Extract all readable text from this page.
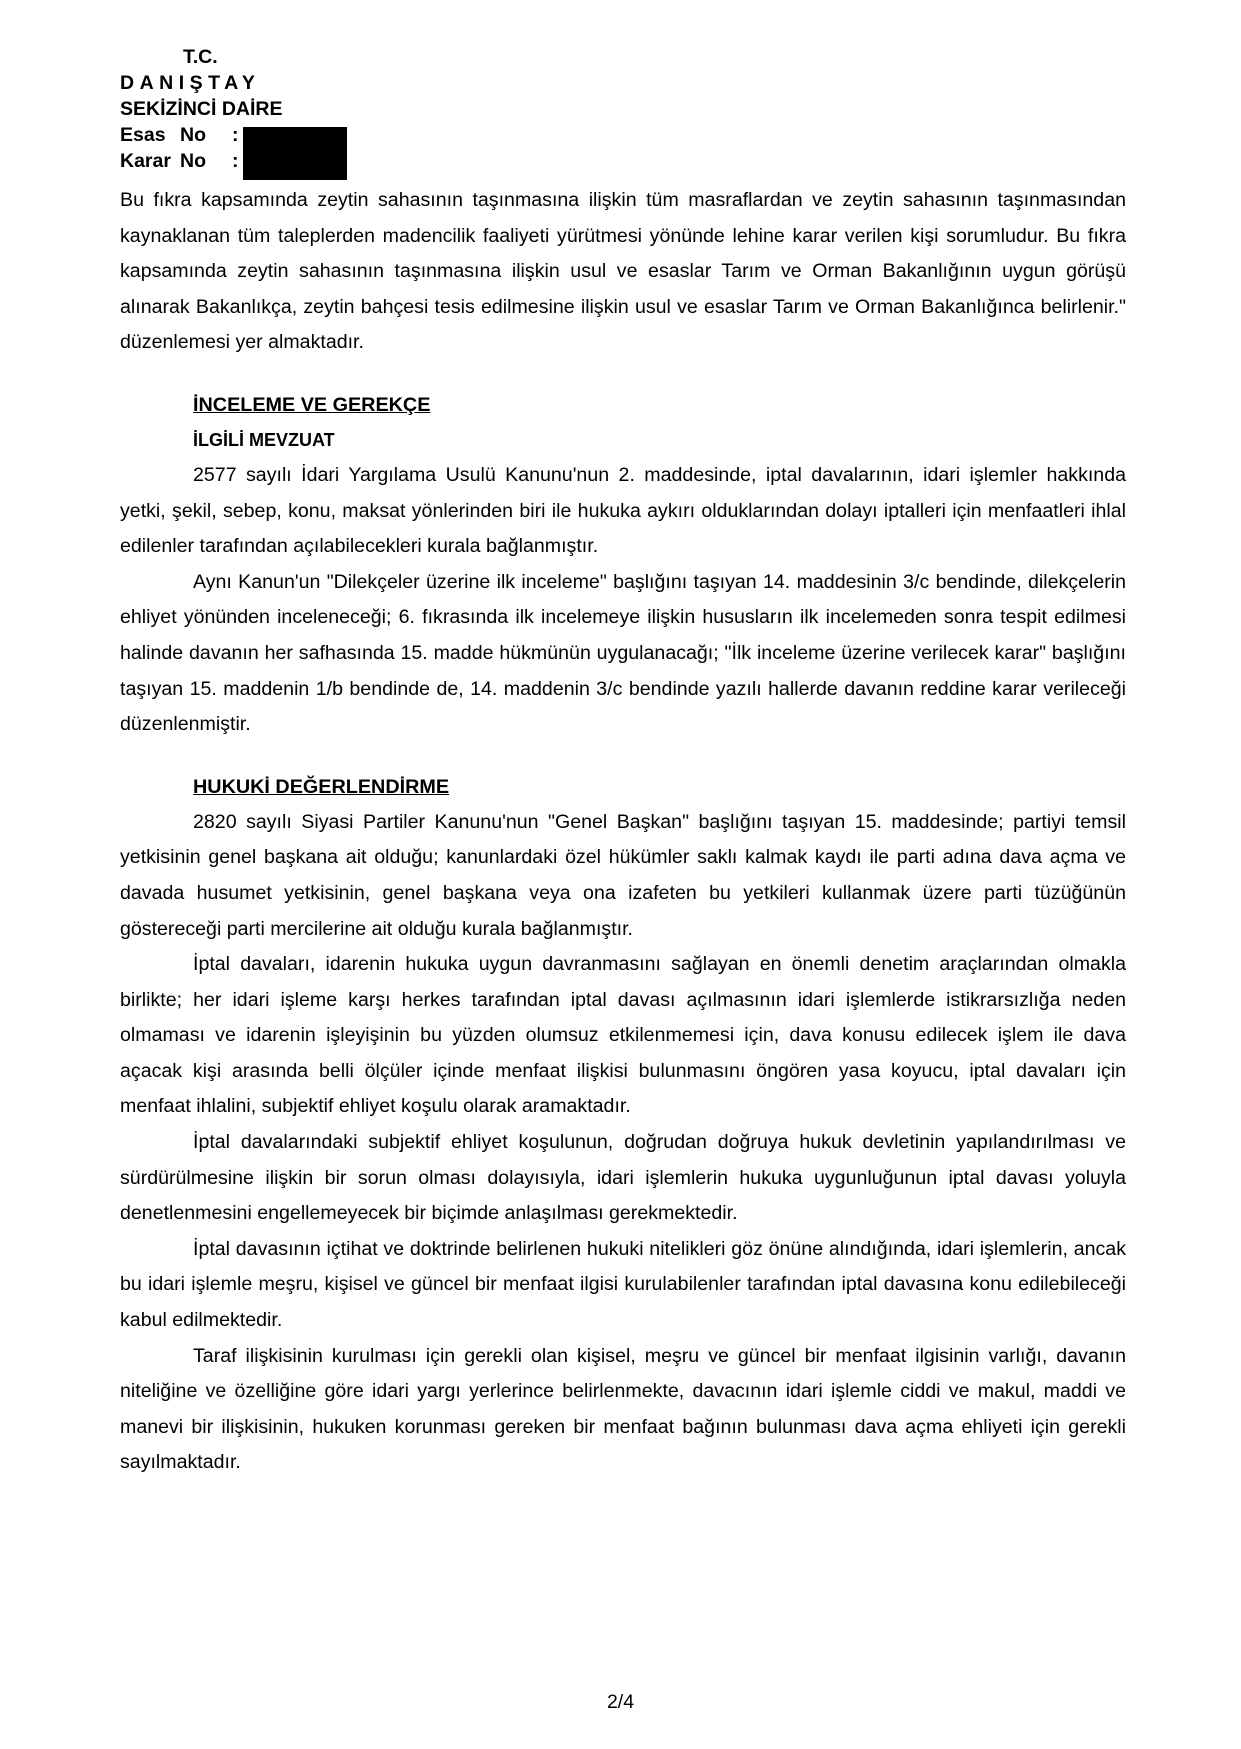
T.C.
DANIŞTAY
SEKİZİNCİ DAİRE
Esas No	:
Karar No	:

Bu fıkra kapsamında zeytin sahasının taşınmasına ilişkin tüm masraflardan ve zeytin sahasının taşınmasından kaynaklanan tüm taleplerden madencilik faaliyeti yürütmesi yönünde lehine karar verilen kişi sorumludur. Bu fıkra kapsamında zeytin sahasının taşınmasına ilişkin usul ve esaslar Tarım ve Orman Bakanlığının uygun görüşü alınarak Bakanlıkça, zeytin bahçesi tesis edilmesine ilişkin usul ve esaslar Tarım ve Orman Bakanlığınca belirlenir." düzenlemesi yer almaktadır.

İNCELEME VE GEREKÇE
İLGİLİ MEVZUAT

2577 sayılı İdari Yargılama Usulü Kanunu'nun 2. maddesinde, iptal davalarının, idari işlemler hakkında yetki, şekil, sebep, konu, maksat yönlerinden biri ile hukuka aykırı olduklarından dolayı iptalleri için menfaatleri ihlal edilenler tarafından açılabilecekleri kurala bağlanmıştır.

Aynı Kanun'un "Dilekçeler üzerine ilk inceleme" başlığını taşıyan 14. maddesinin 3/c bendinde, dilekçelerin ehliyet yönünden inceleneceği; 6. fıkrasında ilk incelemeye ilişkin hususların ilk incelemeden sonra tespit edilmesi halinde davanın her safhasında 15. madde hükmünün uygulanacağı; "İlk inceleme üzerine verilecek karar" başlığını taşıyan 15. maddenin 1/b bendinde de, 14. maddenin 3/c bendinde yazılı hallerde davanın reddine karar verileceği düzenlenmiştir.

HUKUKİ DEĞERLENDİRME

2820 sayılı Siyasi Partiler Kanunu'nun "Genel Başkan" başlığını taşıyan 15. maddesinde; partiyi temsil yetkisinin genel başkana ait olduğu; kanunlardaki özel hükümler saklı kalmak kaydı ile parti adına dava açma ve davada husumet yetkisinin, genel başkana veya ona izafeten bu yetkileri kullanmak üzere parti tüzüğünün göstereceği parti mercilerine ait olduğu kurala bağlanmıştır.

İptal davaları, idarenin hukuka uygun davranmasını sağlayan en önemli denetim araçlarından olmakla birlikte; her idari işleme karşı herkes tarafından iptal davası açılmasının idari işlemlerde istikrarsızlığa neden olmaması ve idarenin işleyişinin bu yüzden olumsuz etkilenmemesi için, dava konusu edilecek işlem ile dava açacak kişi arasında belli ölçüler içinde menfaat ilişkisi bulunmasını öngören yasa koyucu, iptal davaları için menfaat ihlalini, subjektif ehliyet koşulu olarak aramaktadır.

İptal davalarındaki subjektif ehliyet koşulunun, doğrudan doğruya hukuk devletinin yapılandırılması ve sürdürülmesine ilişkin bir sorun olması dolayısıyla, idari işlemlerin hukuka uygunluğunun iptal davası yoluyla denetlenmesini engellemeyecek bir biçimde anlaşılması gerekmektedir.

İptal davasının içtihat ve doktrinde belirlenen hukuki nitelikleri göz önüne alındığında, idari işlemlerin, ancak bu idari işlemle meşru, kişisel ve güncel bir menfaat ilgisi kurulabilenler tarafından iptal davasına konu edilebileceği kabul edilmektedir.

Taraf ilişkisinin kurulması için gerekli olan kişisel, meşru ve güncel bir menfaat ilgisinin varlığı, davanın niteliğine ve özelliğine göre idari yargı yerlerince belirlenmekte, davacının idari işlemle ciddi ve makul, maddi ve manevi bir ilişkisinin, hukuken korunması gereken bir menfaat bağının bulunması dava açma ehliyeti için gerekli sayılmaktadır.

2/4
